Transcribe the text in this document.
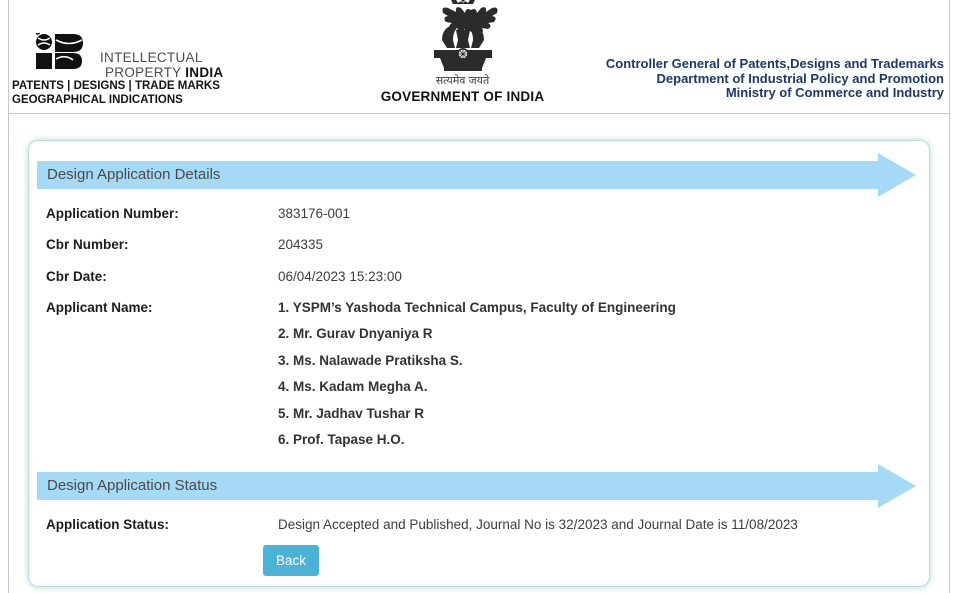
INTELLECTUAL
PROPERTY INDIA
PATENTS | DESIGNS | TRADE MARKS
GEOGRAPHICAL INDICATIONS
सत्यमेव जयते
GOVERNMENT OF INDIA
Controller General of Patents,Designs and Trademarks
Department of Industrial Policy and Promotion
Ministry of Commerce and Industry
Design Application Details
Application Number:	383176-001
Cbr Number:	204335
Cbr Date:	06/04/2023 15:23:00
Applicant Name:	1. YSPM’s Yashoda Technical Campus, Faculty of Engineering
2. Mr. Gurav Dnyaniya R
3. Ms. Nalawade Pratiksha S.
4. Ms. Kadam Megha A.
5. Mr. Jadhav Tushar R
6. Prof. Tapase H.O.
Design Application Status
Application Status:	Design Accepted and Published, Journal No is 32/2023 and Journal Date is 11/08/2023
Back
